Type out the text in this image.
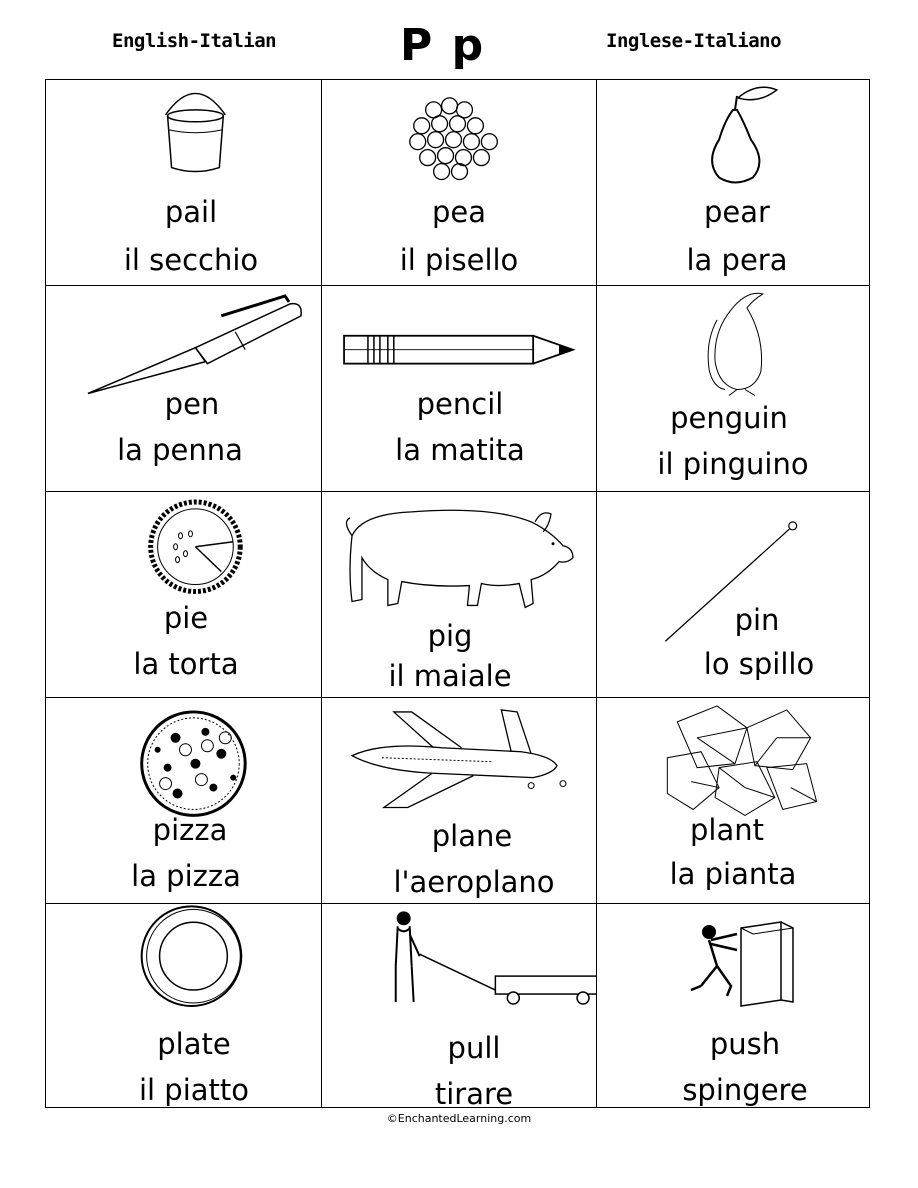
English-Italian	P p	Inglese-Italiano
pail
il secchio
pea
il pisello
pear
la pera
pen
la penna
pencil
la matita
penguin
il pinguino
pie
la torta
pig
il maiale
pin
lo spillo
pizza
la pizza
plane
l'aeroplano
plant
la pianta
plate
il piatto
pull
tirare
push
spingere
©EnchantedLearning.com
